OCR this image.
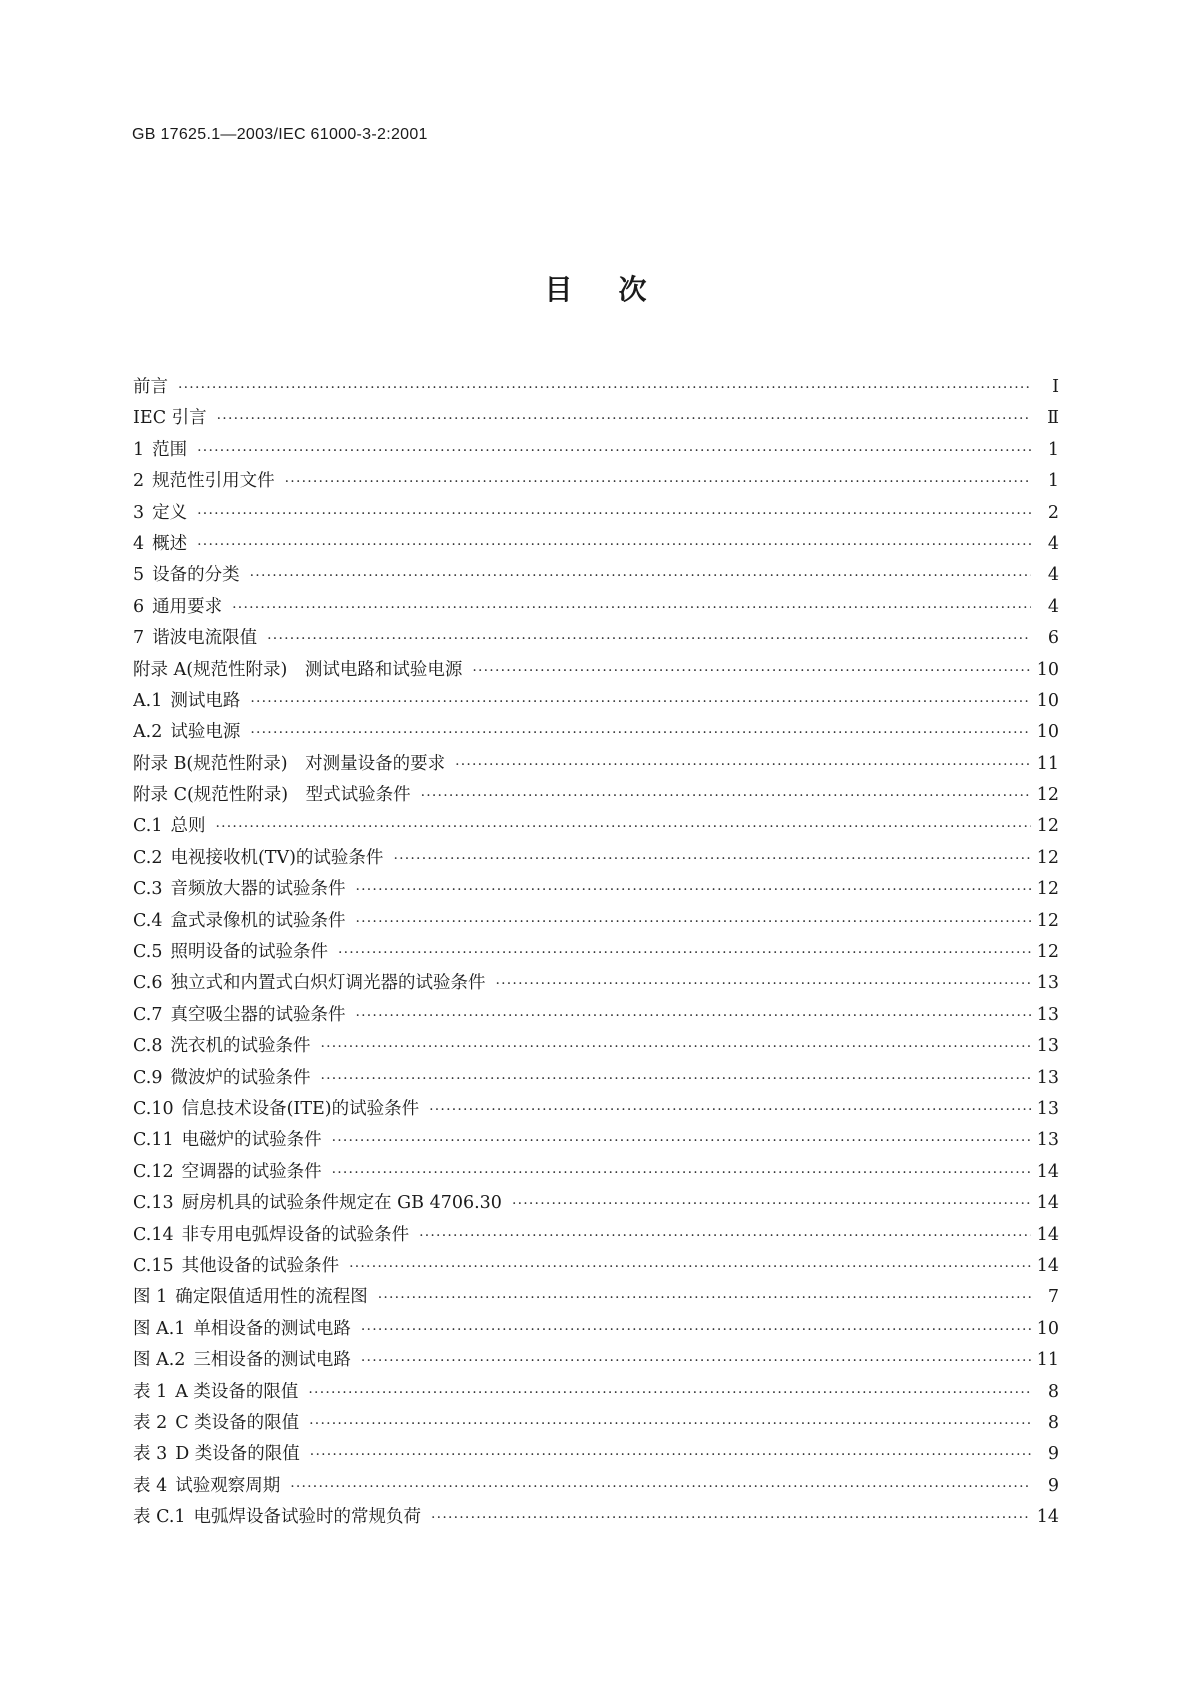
GB 17625.1—2003/IEC 61000-3-2:2001
目次
前言 ·····	Ⅰ
IEC 引言 ·····	Ⅱ
1 范围 ·····	1
2 规范性引用文件 ·····	1
3 定义 ·····	2
4 概述 ·····	4
5 设备的分类 ·····	4
6 通用要求 ·····	4
7 谐波电流限值 ·····	6
附录 A(规范性附录)　测试电路和试验电源 ·····	10
A.1 测试电路 ·····	10
A.2 试验电源 ·····	10
附录 B(规范性附录)　对测量设备的要求 ·····	11
附录 C(规范性附录)　型式试验条件 ·····	12
C.1 总则 ·····	12
C.2 电视接收机(TV)的试验条件 ·····	12
C.3 音频放大器的试验条件 ·····	12
C.4 盒式录像机的试验条件 ·····	12
C.5 照明设备的试验条件 ·····	12
C.6 独立式和内置式白炽灯调光器的试验条件 ·····	13
C.7 真空吸尘器的试验条件 ·····	13
C.8 洗衣机的试验条件 ·····	13
C.9 微波炉的试验条件 ·····	13
C.10 信息技术设备(ITE)的试验条件 ·····	13
C.11 电磁炉的试验条件 ·····	13
C.12 空调器的试验条件 ·····	14
C.13 厨房机具的试验条件规定在 GB 4706.30 ·····	14
C.14 非专用电弧焊设备的试验条件 ·····	14
C.15 其他设备的试验条件 ·····	14
图 1 确定限值适用性的流程图 ·····	7
图 A.1 单相设备的测试电路 ·····	10
图 A.2 三相设备的测试电路 ·····	11
表 1 A 类设备的限值 ·····	8
表 2 C 类设备的限值 ·····	8
表 3 D 类设备的限值 ·····	9
表 4 试验观察周期 ·····	9
表 C.1 电弧焊设备试验时的常规负荷 ·····	14
